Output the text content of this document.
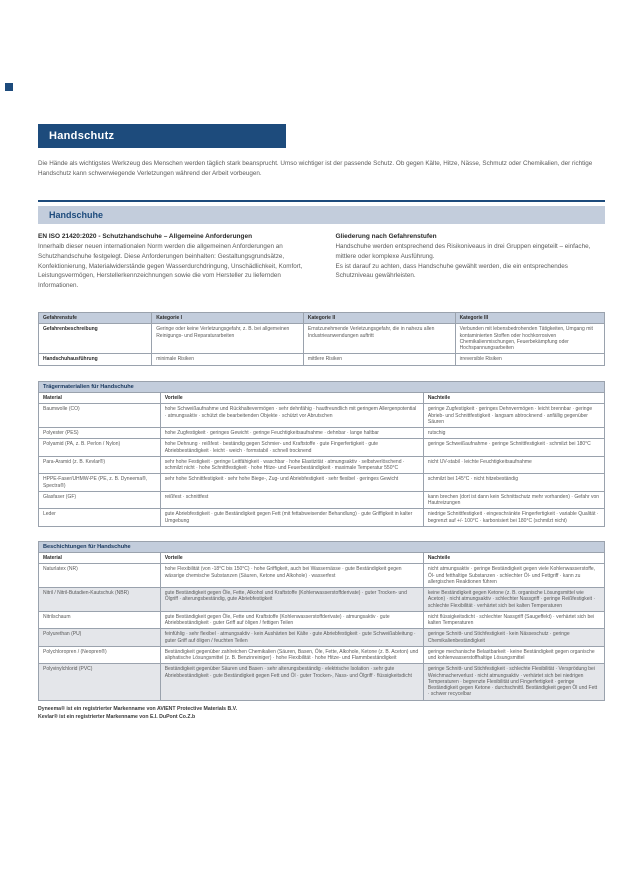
Handschutz
Die Hände als wichtigstes Werkzeug des Menschen werden täglich stark beansprucht. Umso wichtiger ist der passende Schutz. Ob gegen Kälte, Hitze, Nässe, Schmutz oder Chemikalien, der richtige Handschutz kann schwerwiegende Verletzungen während der Arbeit vorbeugen.
Handschuhe
EN ISO 21420:2020 - Schutzhandschuhe – Allgemeine Anforderungen

Innerhalb dieser neuen internationalen Norm werden die allgemeinen Anforderungen an Schutzhandschuhe festgelegt. Diese Anforderungen beinhalten: Gestaltungsgrundsätze, Konfektionierung, Materialwiderstände gegen Wasserdurchdringung, Unschädlichkeit, Komfort, Leistungsvermögen, Herstellerkennzeichnungen sowie die vom Hersteller zu liefernden Informationen.

Gliederung nach Gefahrenstufen

Handschuhe werden entsprechend des Risikoniveaus in drei Gruppen eingeteilt – einfache, mittlere oder komplexe Ausführung.

Es ist darauf zu achten, dass Handschuhe gewählt werden, die ein entsprechendes Schutzniveau gewährleisten.

Gefahrenstufe	Kategorie I	Kategorie II	Kategorie III
Gefahrenbeschreibung	Geringe oder keine Verletzungsgefahr, z. B. bei allgemeinen Reinigungs- und Reparaturarbeiten	Ernstzunehmende Verletzungsgefahr, die in nahezu allen Industrieanwendungen auftritt	Verbunden mit lebensbedrohenden Tätigkeiten, Umgang mit kontaminierten Stoffen oder hochkorrosiven Chemikalienmischungen, Feuerbekämpfung oder Hochspannungsarbeiten
Handschuhausführung	minimale Risiken	mittlere Risiken	irreversible Risiken
Trägermaterialien für Handschuhe
Material	Vorteile	Nachteile
Baumwolle (CO)	hohe Schweißaufnahme und Rückhaltevermögen · sehr dehnfähig · hautfreundlich mit geringem Allergenpotential · atmungsaktiv · schützt die bearbeitenden Objekte · schützt vor Abrutschen	geringe Zugfestigkeit · geringes Dehnvermögen · leicht brennbar · geringe Abrieb- und Schnittfestigkeit · langsam abtrocknend · anfällig gegenüber Säuren
Polyester (PES)	hohe Zugfestigkeit · geringes Gewicht · geringe Feuchtigkeitsaufnahme · dehnbar · lange haltbar	rutschig
Polyamid (PA, z. B. Perlon / Nylon)	hohe Dehnung · reißfest · beständig gegen Schmier- und Kraftstoffe · gute Fingerfertigkeit · gute Abriebbeständigkeit · leicht · weich · formstabil · schnell trocknend	geringe Schweißaufnahme · geringe Schnittfestigkeit · schmilzt bei 180°C
Para-Aramid (z. B. Kevlar®)	sehr hohe Festigkeit · geringe Leitfähigkeit · waschbar · hohe Elastizität · atmungsaktiv · selbstverlöschend · schmilzt nicht · hohe Schnittfestigkeit · hohe Hitze- und Feuerbeständigkeit · maximale Temperatur 550°C	nicht UV-stabil · leichte Feuchtigkeitsaufnahme
HPPE-Faser/UHMW-PE (PE, z. B. Dyneema®, Spectra®)	sehr hohe Schnittfestigkeit · sehr hohe Biege-, Zug- und Abriebfestigkeit · sehr flexibel · geringes Gewicht	schmilzt bei 145°C · nicht hitzebeständig
Glasfaser (GF)	reißfest · schnittfest	kann brechen (dort ist dann kein Schnittschutz mehr vorhanden) · Gefahr von Hautreizungen
Leder	gute Abriebfestigkeit · gute Beständigkeit gegen Fett (mit fettabweisender Behandlung) · gute Griffigkeit in kalter Umgebung	niedrige Schnittfestigkeit · eingeschränkte Fingerfertigkeit · variable Qualität · begrenzt auf +/- 100°C · karbonisiert bei 180°C (schmilzt nicht)
Beschichtungen für Handschuhe
Material	Vorteile	Nachteile
Naturlatex (NR)	hohe Flexibilität (von -18°C bis 150°C) · hohe Griffigkeit, auch bei Wassernässe · gute Beständigkeit gegen wässrige chemische Substanzen (Säuren, Ketone und Alkohole) · wasserfest	nicht atmungsaktiv · geringe Beständigkeit gegen viele Kohlenwasserstoffe, Öl- und fetthaltige Substanzen · schlechter Öl- und Fettgriff · kann zu allergischen Reaktionen führen
Nitril / Nitril-Butadien-Kautschuk (NBR)	gute Beständigkeit gegen Öle, Fette, Alkohol und Kraftstoffe (Kohlenwasserstoffderivate) · guter Trocken- und Ölgriff · alterungsbeständig, gute Abriebfestigkeit	keine Beständigkeit gegen Ketone (z. B. organische Lösungsmittel wie Aceton) · nicht atmungsaktiv · schlechter Nassgriff · geringe Reißfestigkeit · schlechte Flexibilität · verhärtet sich bei kalten Temperaturen
Nitrilschaum	gute Beständigkeit gegen Öle, Fette und Kraftstoffe (Kohlenwasserstoffderivate) · atmungsaktiv · gute Abriebbeständigkeit · guter Griff auf öligen / fettigen Teilen	nicht flüssigkeitsdicht · schlechter Nassgriff (Saugeffekt) · verhärtet sich bei kalten Temperaturen
Polyurethan (PU)	feinfühlig · sehr flexibel · atmungsaktiv · kein Aushärten bei Kälte · gute Abriebfestigkeit · gute Schweißableitung · guter Griff auf öligen / feuchten Teilen	geringe Schnitt- und Stichfestigkeit · kein Nässeschutz · geringe Chemikalienbeständigkeit
Polychloropren / (Neopren®)	Beständigkeit gegenüber zahlreichen Chemikalien (Säuren, Basen, Öle, Fette, Alkohole, Ketone (z. B. Aceton) und aliphatische Lösungsmittel (z. B. Benzinreiniger) · hohe Flexibilität · hohe Hitze- und Flammbeständigkeit	geringe mechanische Belastbarkeit · keine Beständigkeit gegen organische und kohlenwasserstoffhaltige Lösungsmittel
Polyvinylchlorid (PVC)	Beständigkeit gegenüber Säuren und Basen · sehr alterungsbeständig · elektrische Isolation · sehr gute Abriebbeständigkeit · gute Beständigkeit gegen Fett und Öl · guter Trocken-, Nass- und Ölgriff · flüssigkeitsdicht	geringe Schnitt- und Stichfestigkeit · schlechte Flexibilität · Versprödung bei Weichmacherverlust · nicht atmungsaktiv · verhärtet sich bei niedrigen Temperaturen · begrenzte Flexibilität und Fingerfertigkeit · geringe Beständigkeit gegen Ketone · durchschnittl. Beständigkeit gegen Öl und Fett · schwer recycelbar
Dyneema® ist ein registrierter Markenname von AVIENT Protective Materials B.V.
Kevlar® ist ein registrierter Markenname von E.I. DuPont Co.Z.b
